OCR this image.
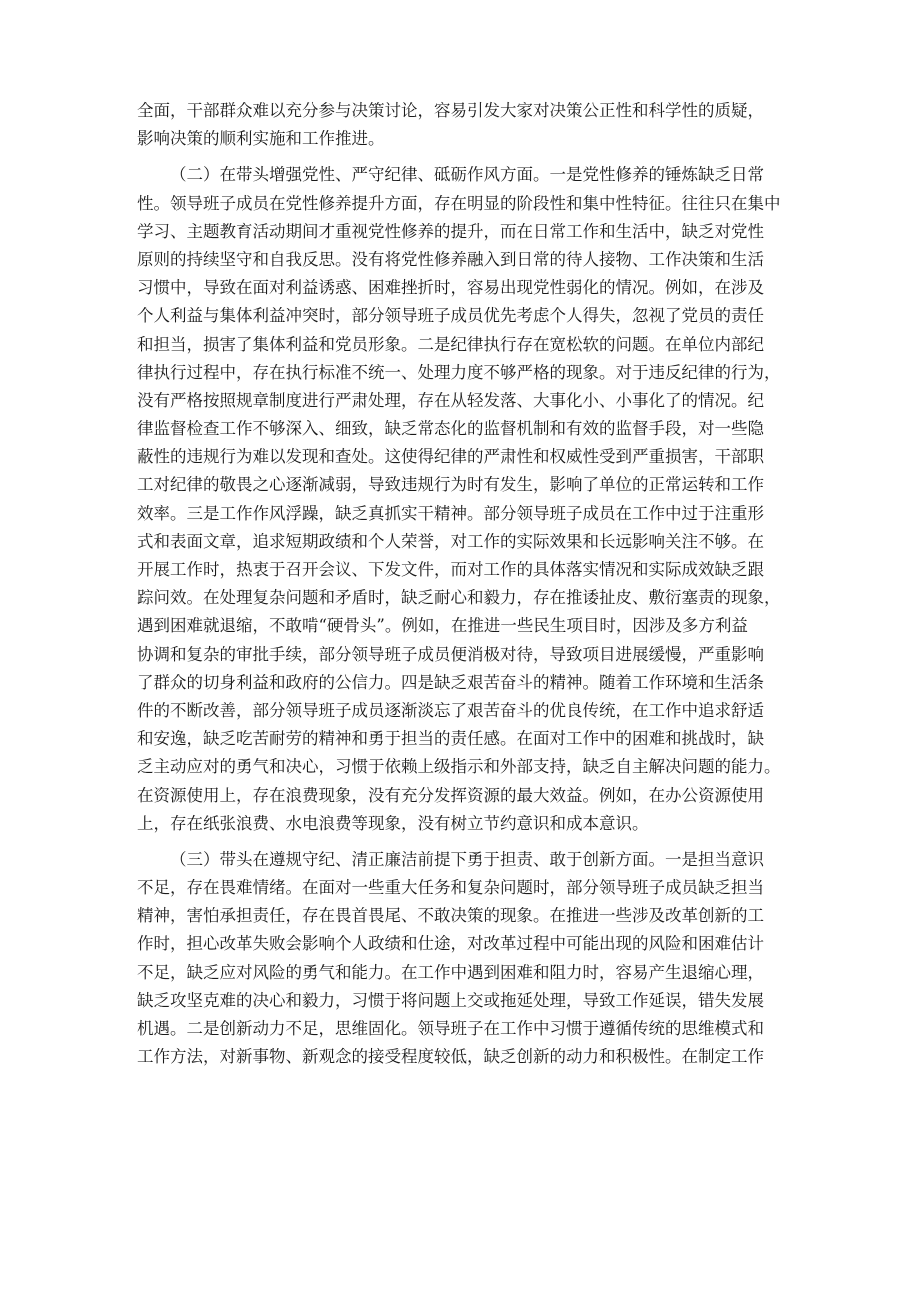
全面，干部群众难以充分参与决策讨论，容易引发大家对决策公正性和科学性的质疑，
影响决策的顺利实施和工作推进。
（二）在带头增强党性、严守纪律、砥砺作风方面。一是党性修养的锤炼缺乏日常
性。领导班子成员在党性修养提升方面，存在明显的阶段性和集中性特征。往往只在集中
学习、主题教育活动期间才重视党性修养的提升，而在日常工作和生活中，缺乏对党性
原则的持续坚守和自我反思。没有将党性修养融入到日常的待人接物、工作决策和生活
习惯中，导致在面对利益诱惑、困难挫折时，容易出现党性弱化的情况。例如，在涉及
个人利益与集体利益冲突时，部分领导班子成员优先考虑个人得失，忽视了党员的责任
和担当，损害了集体利益和党员形象。二是纪律执行存在宽松软的问题。在单位内部纪
律执行过程中，存在执行标准不统一、处理力度不够严格的现象。对于违反纪律的行为，
没有严格按照规章制度进行严肃处理，存在从轻发落、大事化小、小事化了的情况。纪
律监督检查工作不够深入、细致，缺乏常态化的监督机制和有效的监督手段，对一些隐
蔽性的违规行为难以发现和查处。这使得纪律的严肃性和权威性受到严重损害，干部职
工对纪律的敬畏之心逐渐减弱，导致违规行为时有发生，影响了单位的正常运转和工作
效率。三是工作作风浮躁，缺乏真抓实干精神。部分领导班子成员在工作中过于注重形
式和表面文章，追求短期政绩和个人荣誉，对工作的实际效果和长远影响关注不够。在
开展工作时，热衷于召开会议、下发文件，而对工作的具体落实情况和实际成效缺乏跟
踪问效。在处理复杂问题和矛盾时，缺乏耐心和毅力，存在推诿扯皮、敷衍塞责的现象，
遇到困难就退缩，不敢啃“硬骨头”。例如，在推进一些民生项目时，因涉及多方利益
协调和复杂的审批手续，部分领导班子成员便消极对待，导致项目进展缓慢，严重影响
了群众的切身利益和政府的公信力。四是缺乏艰苦奋斗的精神。随着工作环境和生活条
件的不断改善，部分领导班子成员逐渐淡忘了艰苦奋斗的优良传统，在工作中追求舒适
和安逸，缺乏吃苦耐劳的精神和勇于担当的责任感。在面对工作中的困难和挑战时，缺
乏主动应对的勇气和决心，习惯于依赖上级指示和外部支持，缺乏自主解决问题的能力。
在资源使用上，存在浪费现象，没有充分发挥资源的最大效益。例如，在办公资源使用
上，存在纸张浪费、水电浪费等现象，没有树立节约意识和成本意识。
（三）带头在遵规守纪、清正廉洁前提下勇于担责、敢于创新方面。一是担当意识
不足，存在畏难情绪。在面对一些重大任务和复杂问题时，部分领导班子成员缺乏担当
精神，害怕承担责任，存在畏首畏尾、不敢决策的现象。在推进一些涉及改革创新的工
作时，担心改革失败会影响个人政绩和仕途，对改革过程中可能出现的风险和困难估计
不足，缺乏应对风险的勇气和能力。在工作中遇到困难和阻力时，容易产生退缩心理，
缺乏攻坚克难的决心和毅力，习惯于将问题上交或拖延处理，导致工作延误，错失发展
机遇。二是创新动力不足，思维固化。领导班子在工作中习惯于遵循传统的思维模式和
工作方法，对新事物、新观念的接受程度较低，缺乏创新的动力和积极性。在制定工作
